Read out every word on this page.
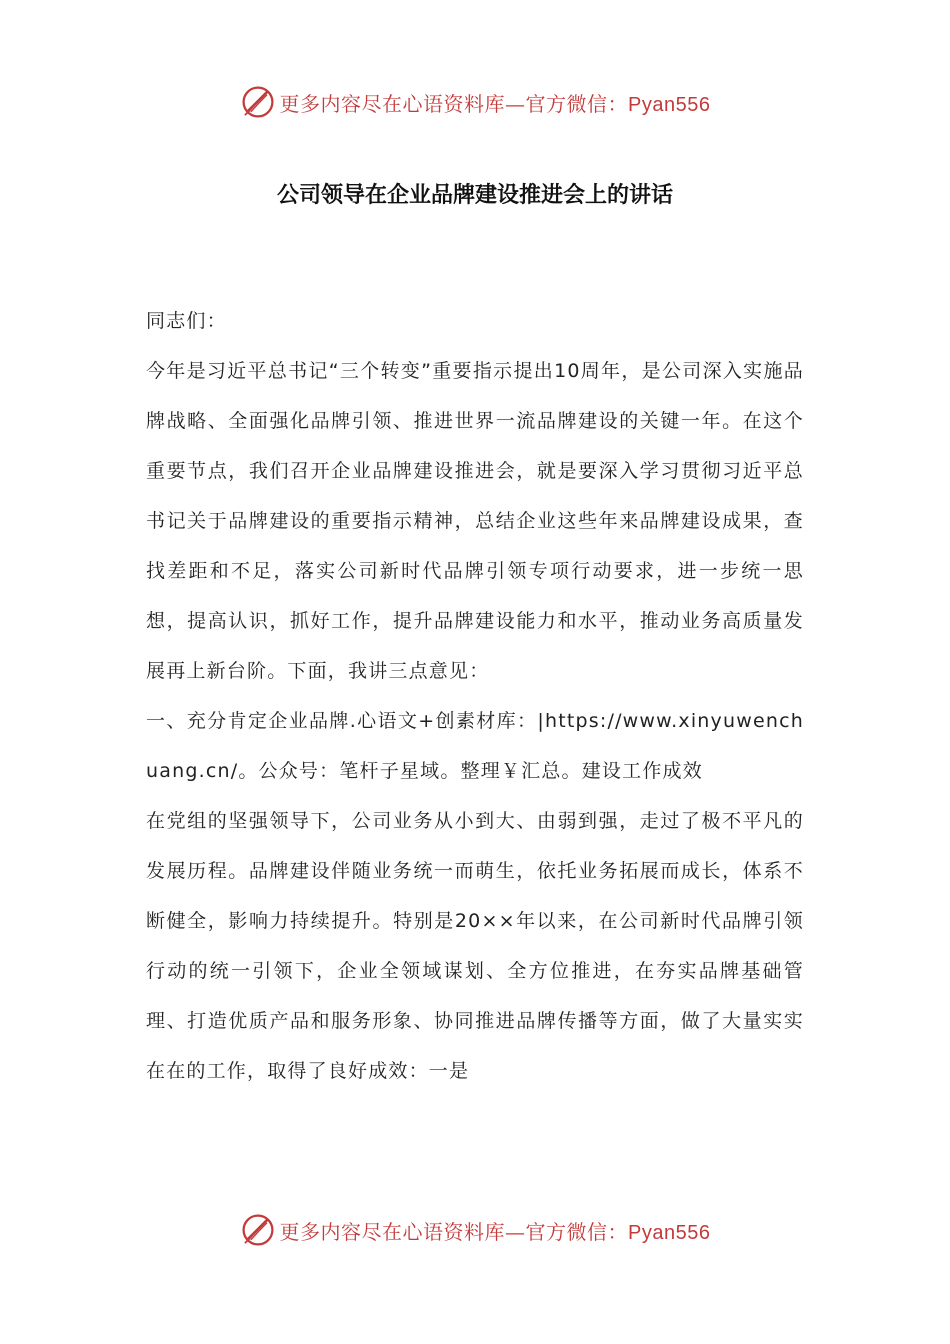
更多内容尽在心语资料库—官方微信：Pyan556
公司领导在企业品牌建设推进会上的讲话

同志们：

今年是习近平总书记“三个转变”重要指示提出10周年，是公司深入实施品牌战略、全面强化品牌引领、推进世界一流品牌建设的关键一年。在这个重要节点，我们召开企业品牌建设推进会，就是要深入学习贯彻习近平总书记关于品牌建设的重要指示精神，总结企业这些年来品牌建设成果，查找差距和不足，落实公司新时代品牌引领专项行动要求，进一步统一思想，提高认识，抓好工作，提升品牌建设能力和水平，推动业务高质量发展再上新台阶。下面，我讲三点意见：

一、充分肯定企业品牌.心语文+创素材库：|https://www.xinyuwenchuang.cn/。公众号：笔杆子星域。整理￥汇总。建设工作成效

在党组的坚强领导下，公司业务从小到大、由弱到强，走过了极不平凡的发展历程。品牌建设伴随业务统一而萌生，依托业务拓展而成长，体系不断健全，影响力持续提升。特别是20××年以来，在公司新时代品牌引领行动的统一引领下，企业全领域谋划、全方位推进，在夯实品牌基础管理、打造优质产品和服务形象、协同推进品牌传播等方面，做了大量实实在在的工作，取得了良好成效：一是

更多内容尽在心语资料库—官方微信：Pyan556
